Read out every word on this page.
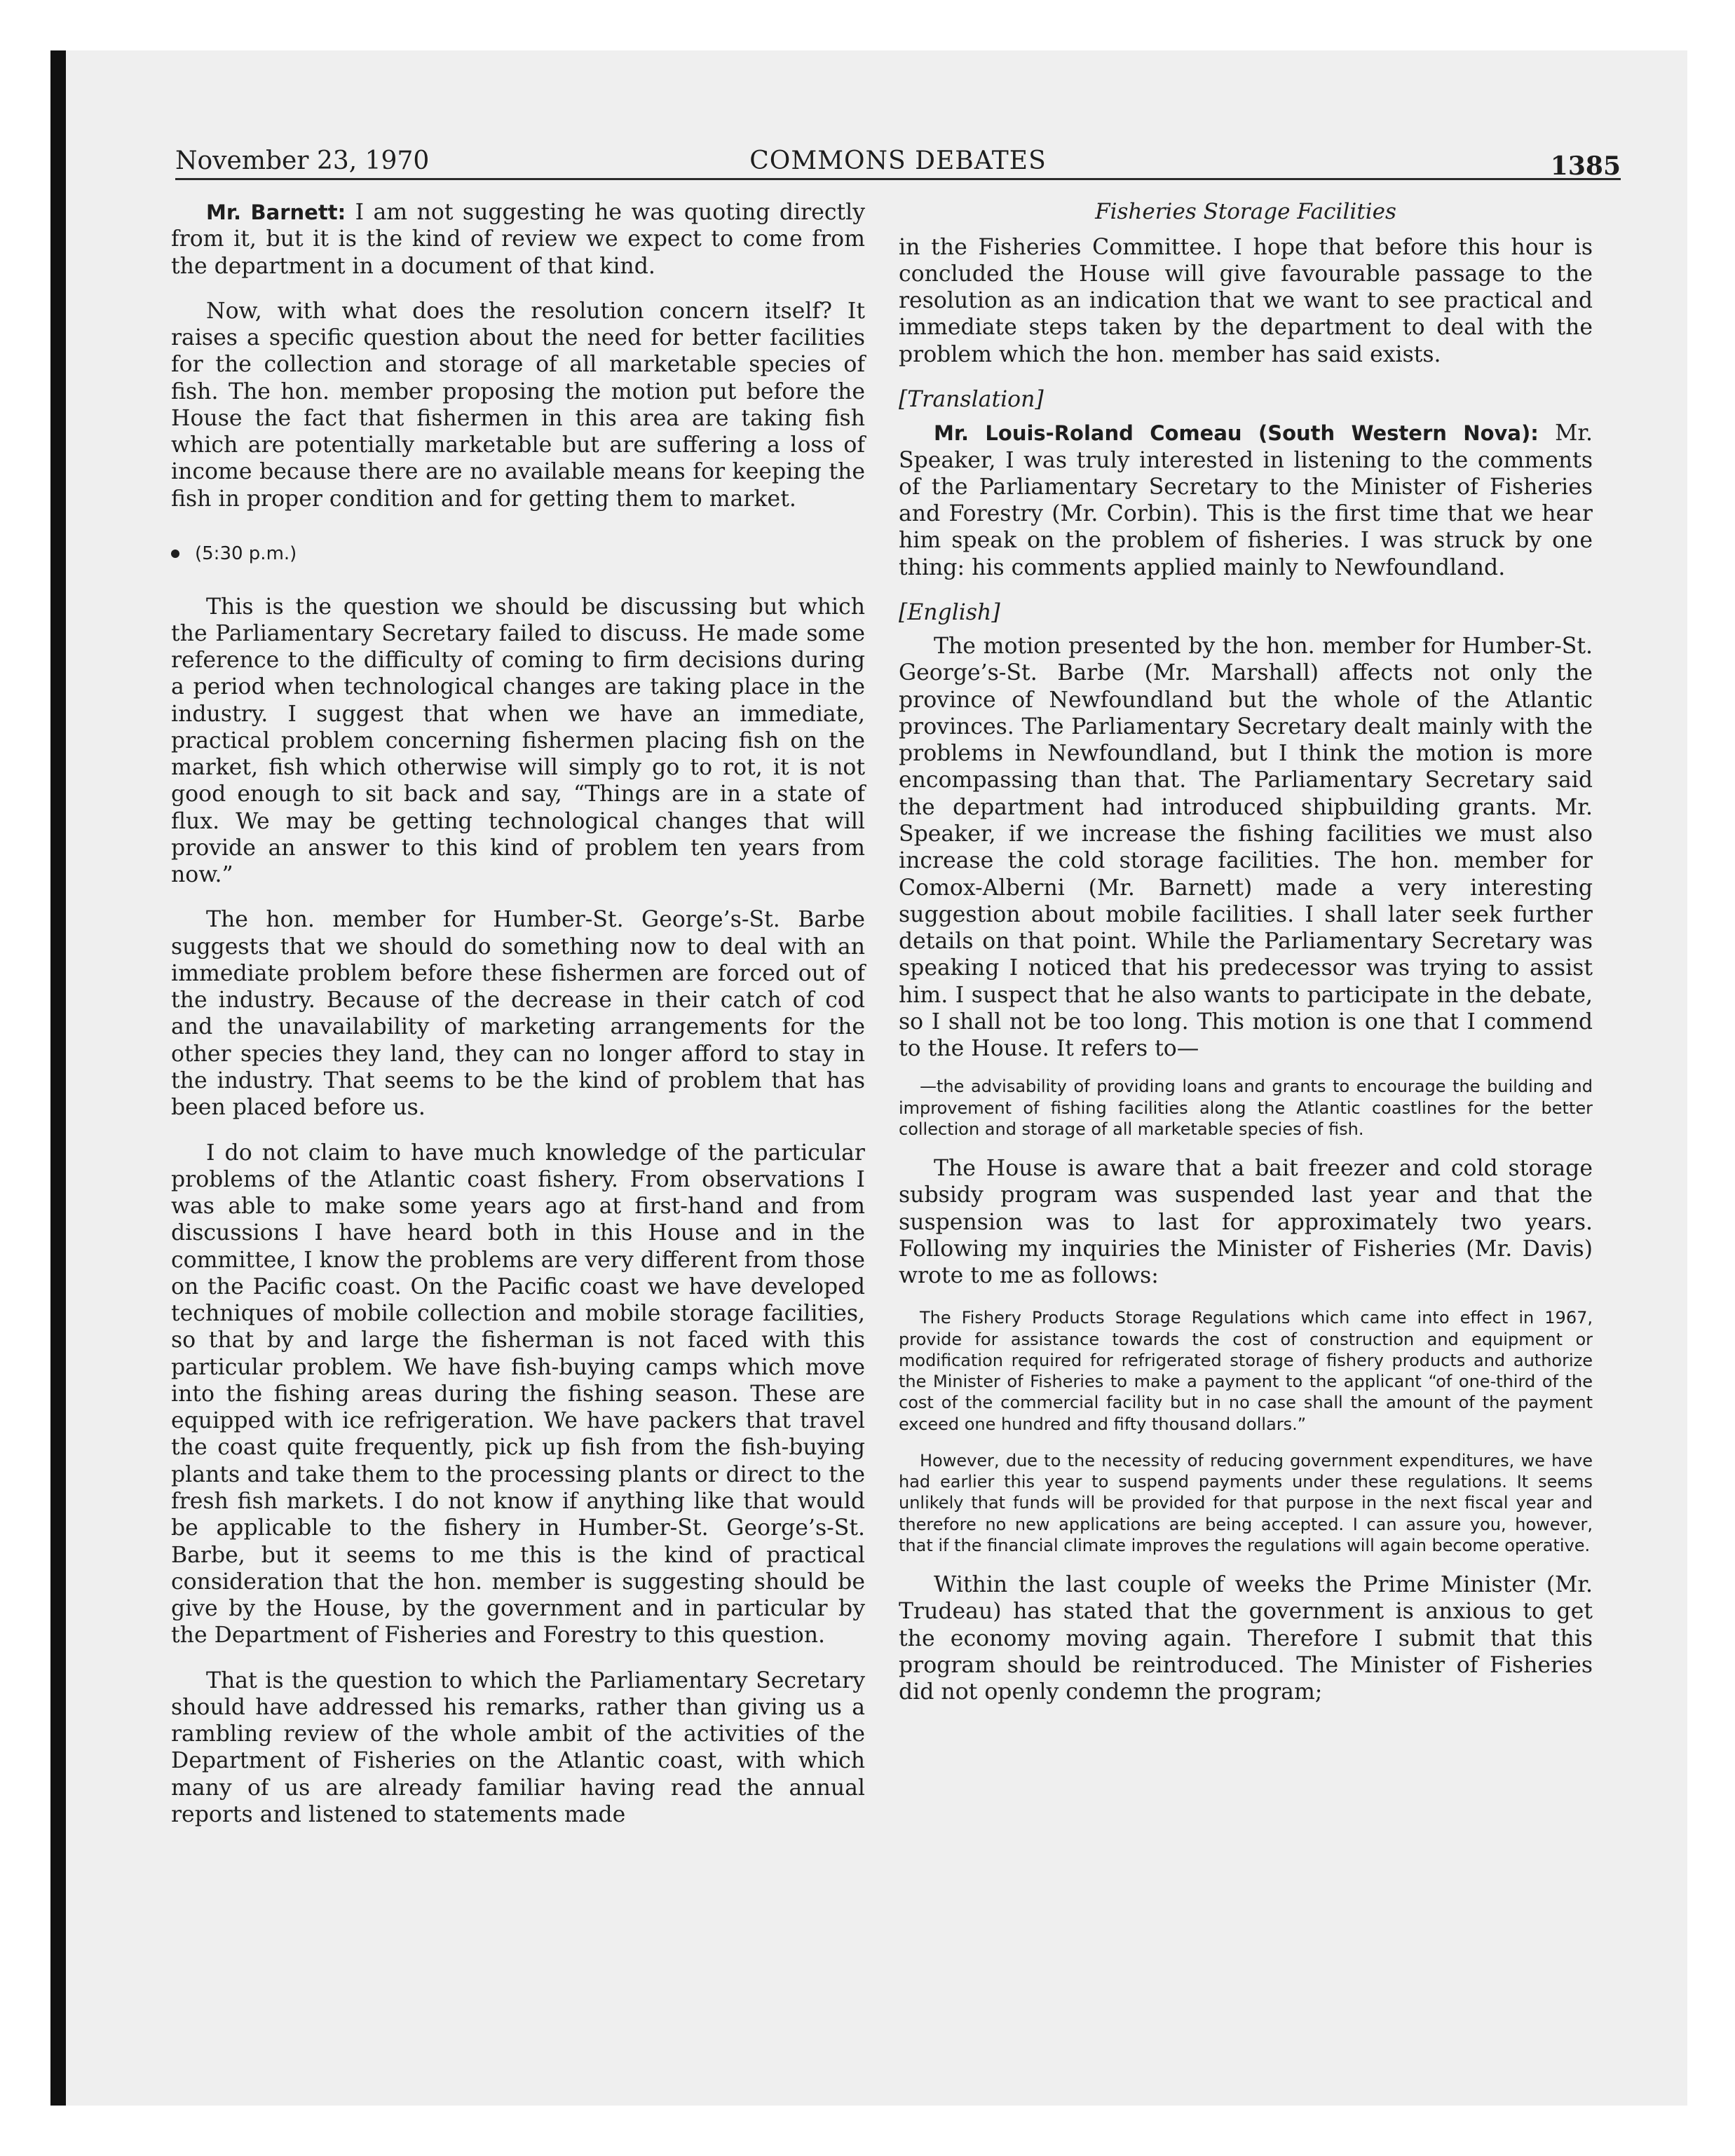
November 23, 1970	COMMONS DEBATES	1385

Mr. Barnett: I am not suggesting he was quoting directly from it, but it is the kind of review we expect to come from the department in a document of that kind.

Now, with what does the resolution concern itself? It raises a specific question about the need for better facilities for the collection and storage of all marketable species of fish. The hon. member proposing the motion put before the House the fact that fishermen in this area are taking fish which are potentially marketable but are suffering a loss of income because there are no available means for keeping the fish in proper condition and for getting them to market.

(5:30 p.m.)

This is the question we should be discussing but which the Parliamentary Secretary failed to discuss. He made some reference to the difficulty of coming to firm decisions during a period when technological changes are taking place in the industry. I suggest that when we have an immediate, practical problem concerning fishermen placing fish on the market, fish which otherwise will simply go to rot, it is not good enough to sit back and say, “Things are in a state of flux. We may be getting technological changes that will provide an answer to this kind of problem ten years from now.”

The hon. member for Humber-St. George’s-St. Barbe suggests that we should do something now to deal with an immediate problem before these fishermen are forced out of the industry. Because of the decrease in their catch of cod and the unavailability of marketing arrangements for the other species they land, they can no longer afford to stay in the industry. That seems to be the kind of problem that has been placed before us.

I do not claim to have much knowledge of the particular problems of the Atlantic coast fishery. From observations I was able to make some years ago at first-hand and from discussions I have heard both in this House and in the committee, I know the problems are very different from those on the Pacific coast. On the Pacific coast we have developed techniques of mobile collection and mobile storage facilities, so that by and large the fisherman is not faced with this particular problem. We have fish-buying camps which move into the fishing areas during the fishing season. These are equipped with ice refrigeration. We have packers that travel the coast quite frequently, pick up fish from the fish-buying plants and take them to the processing plants or direct to the fresh fish markets. I do not know if anything like that would be applicable to the fishery in Humber-St. George’s-St. Barbe, but it seems to me this is the kind of practical consideration that the hon. member is suggesting should be give by the House, by the government and in particular by the Department of Fisheries and Forestry to this question.

That is the question to which the Parliamentary Secretary should have addressed his remarks, rather than giving us a rambling review of the whole ambit of the activities of the Department of Fisheries on the Atlantic coast, with which many of us are already familiar having read the annual reports and listened to statements made

Fisheries Storage Facilities

in the Fisheries Committee. I hope that before this hour is concluded the House will give favourable passage to the resolution as an indication that we want to see practical and immediate steps taken by the department to deal with the problem which the hon. member has said exists.

[Translation]

Mr. Louis-Roland Comeau (South Western Nova): Mr. Speaker, I was truly interested in listening to the comments of the Parliamentary Secretary to the Minister of Fisheries and Forestry (Mr. Corbin). This is the first time that we hear him speak on the problem of fisheries. I was struck by one thing: his comments applied mainly to Newfoundland.

[English]

The motion presented by the hon. member for Humber-St. George’s-St. Barbe (Mr. Marshall) affects not only the province of Newfoundland but the whole of the Atlantic provinces. The Parliamentary Secretary dealt mainly with the problems in Newfoundland, but I think the motion is more encompassing than that. The Parliamentary Secretary said the department had introduced shipbuilding grants. Mr. Speaker, if we increase the fishing facilities we must also increase the cold storage facilities. The hon. member for Comox-Alberni (Mr. Barnett) made a very interesting suggestion about mobile facilities. I shall later seek further details on that point. While the Parliamentary Secretary was speaking I noticed that his predecessor was trying to assist him. I suspect that he also wants to participate in the debate, so I shall not be too long. This motion is one that I commend to the House. It refers to—

—the advisability of providing loans and grants to encourage the building and improvement of fishing facilities along the Atlantic coastlines for the better collection and storage of all marketable species of fish.

The House is aware that a bait freezer and cold storage subsidy program was suspended last year and that the suspension was to last for approximately two years. Following my inquiries the Minister of Fisheries (Mr. Davis) wrote to me as follows:

The Fishery Products Storage Regulations which came into effect in 1967, provide for assistance towards the cost of construction and equipment or modification required for refrigerated storage of fishery products and authorize the Minister of Fisheries to make a payment to the applicant “of one-third of the cost of the commercial facility but in no case shall the amount of the payment exceed one hundred and fifty thousand dollars.”
However, due to the necessity of reducing government expenditures, we have had earlier this year to suspend payments under these regulations. It seems unlikely that funds will be provided for that purpose in the next fiscal year and therefore no new applications are being accepted. I can assure you, however, that if the financial climate improves the regulations will again become operative.

Within the last couple of weeks the Prime Minister (Mr. Trudeau) has stated that the government is anxious to get the economy moving again. Therefore I submit that this program should be reintroduced. The Minister of Fisheries did not openly condemn the program;
